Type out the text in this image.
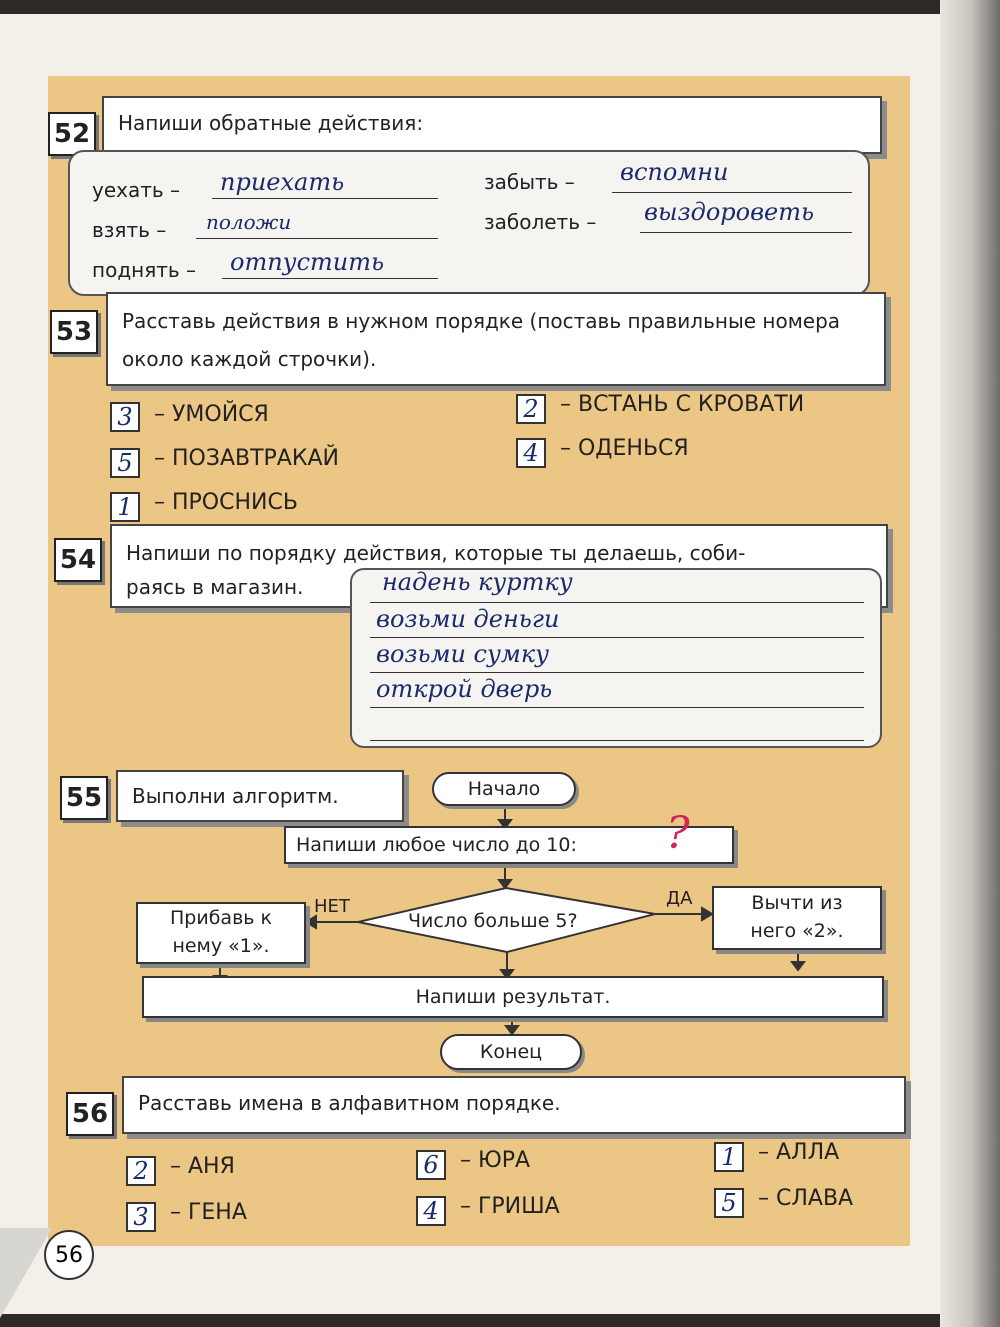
52	Напиши обратные действия:
уехать – приехать
взять – положи
поднять – отпустить
забыть – вспомни
заболеть – выздороветь
53	Расставь действия в нужном порядке (поставь правильные номера около каждой строчки).
3 – УМОЙСЯ
5 – ПОЗАВТРАКАЙ
1 – ПРОСНИСЬ
2 – ВСТАНЬ С КРОВАТИ
4 – ОДЕНЬСЯ
54 Напиши по порядку действия, которые ты делаешь, соби-
раясь в магазин.	надень куртку
возьми деньги
возьми сумку
открой дверь
55	Выполни алгоритм.	Начало
Напиши любое число до 10:
Число больше 5?
НЕТ	ДА
Прибавь к нему «1».
Вычти из него «2».
Напиши результат.
Конец
?
56	Расставь имена в алфавитном порядке.
2 – АНЯ
3 – ГЕНА
6 – ЮРА
4 – ГРИША
1 – АЛЛА
5 – СЛАВА
56
